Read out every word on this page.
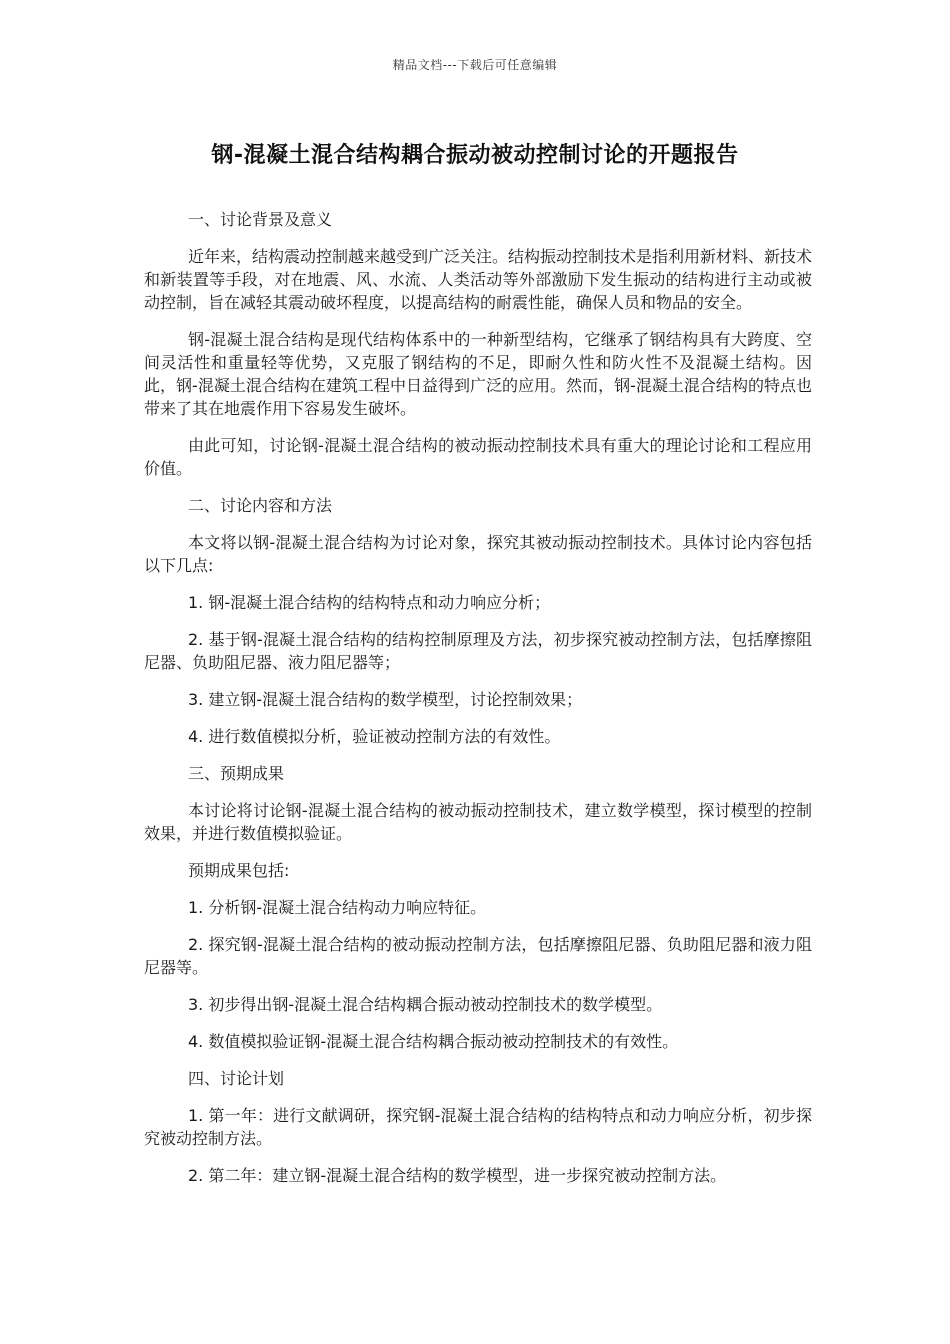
精品文档---下载后可任意编辑
钢-混凝土混合结构耦合振动被动控制讨论的开题报告

一、讨论背景及意义

近年来，结构震动控制越来越受到广泛关注。结构振动控制技术是指利用新材料、新技术和新装置等手段，对在地震、风、水流、人类活动等外部激励下发生振动的结构进行主动或被动控制，旨在减轻其震动破坏程度，以提高结构的耐震性能，确保人员和物品的安全。

钢-混凝土混合结构是现代结构体系中的一种新型结构，它继承了钢结构具有大跨度、空间灵活性和重量轻等优势，又克服了钢结构的不足，即耐久性和防火性不及混凝土结构。因此，钢-混凝土混合结构在建筑工程中日益得到广泛的应用。然而，钢-混凝土混合结构的特点也带来了其在地震作用下容易发生破坏。

由此可知，讨论钢-混凝土混合结构的被动振动控制技术具有重大的理论讨论和工程应用价值。

二、讨论内容和方法

本文将以钢-混凝土混合结构为讨论对象，探究其被动振动控制技术。具体讨论内容包括以下几点:

1. 钢-混凝土混合结构的结构特点和动力响应分析；

2. 基于钢-混凝土混合结构的结构控制原理及方法，初步探究被动控制方法，包括摩擦阻尼器、负助阻尼器、液力阻尼器等；

3. 建立钢-混凝土混合结构的数学模型，讨论控制效果；

4. 进行数值模拟分析，验证被动控制方法的有效性。

三、预期成果

本讨论将讨论钢-混凝土混合结构的被动振动控制技术，建立数学模型，探讨模型的控制效果，并进行数值模拟验证。

预期成果包括:

1. 分析钢-混凝土混合结构动力响应特征。

2. 探究钢-混凝土混合结构的被动振动控制方法，包括摩擦阻尼器、负助阻尼器和液力阻尼器等。

3. 初步得出钢-混凝土混合结构耦合振动被动控制技术的数学模型。

4. 数值模拟验证钢-混凝土混合结构耦合振动被动控制技术的有效性。

四、讨论计划

1. 第一年：进行文献调研，探究钢-混凝土混合结构的结构特点和动力响应分析，初步探究被动控制方法。

2. 第二年：建立钢-混凝土混合结构的数学模型，进一步探究被动控制方法。
